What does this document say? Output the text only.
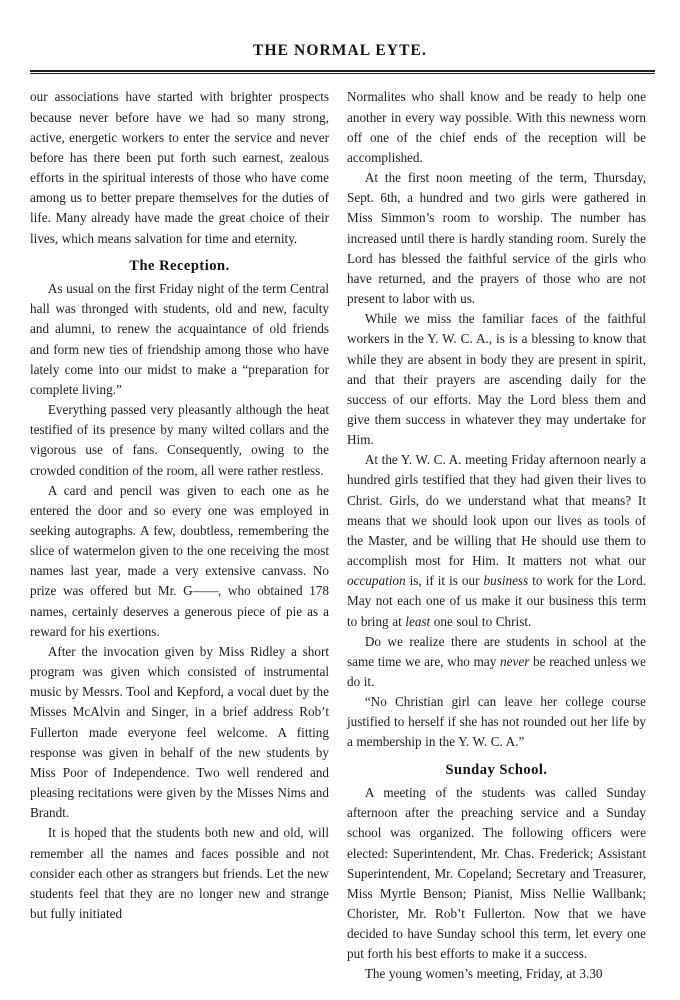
THE NORMAL EYTE.

our associations have started with brighter prospects because never before have we had so many strong, active, energetic workers to enter the service and never before has there been put forth such earnest, zealous efforts in the spiritual interests of those who have come among us to better prepare themselves for the duties of life. Many already have made the great choice of their lives, which means salvation for time and eternity.

The Reception.

As usual on the first Friday night of the term Central hall was thronged with students, old and new, faculty and alumni, to renew the acquaintance of old friends and form new ties of friendship among those who have lately come into our midst to make a “preparation for complete living.”

Everything passed very pleasantly although the heat testified of its presence by many wilted collars and the vigorous use of fans. Consequently, owing to the crowded condition of the room, all were rather restless.

A card and pencil was given to each one as he entered the door and so every one was employed in seeking autographs. A few, doubtless, remembering the slice of watermelon given to the one receiving the most names last year, made a very extensive canvass. No prize was offered but Mr. G——, who obtained 178 names, certainly deserves a generous piece of pie as a reward for his exertions.

After the invocation given by Miss Ridley a short program was given which consisted of instrumental music by Messrs. Tool and Kepford, a vocal duet by the Misses McAlvin and Singer, in a brief address Rob’t Fullerton made everyone feel welcome. A fitting response was given in behalf of the new students by Miss Poor of Independence. Two well rendered and pleasing recitations were given by the Misses Nims and Brandt.

It is hoped that the students both new and old, will remember all the names and faces possible and not consider each other as strangers but friends. Let the new students feel that they are no longer new and strange but fully initiated

Normalites who shall know and be ready to help one another in every way possible. With this newness worn off one of the chief ends of the reception will be accomplished.

At the first noon meeting of the term, Thursday, Sept. 6th, a hundred and two girls were gathered in Miss Simmon’s room to worship. The number has increased until there is hardly standing room. Surely the Lord has blessed the faithful service of the girls who have returned, and the prayers of those who are not present to labor with us.

While we miss the familiar faces of the faithful workers in the Y. W. C. A., is is a blessing to know that while they are absent in body they are present in spirit, and that their prayers are ascending daily for the success of our efforts. May the Lord bless them and give them success in whatever they may undertake for Him.

At the Y. W. C. A. meeting Friday afternoon nearly a hundred girls testified that they had given their lives to Christ. Girls, do we understand what that means? It means that we should look upon our lives as tools of the Master, and be willing that He should use them to accomplish most for Him. It matters not what our occupation is, if it is our business to work for the Lord. May not each one of us make it our business this term to bring at least one soul to Christ.

Do we realize there are students in school at the same time we are, who may never be reached unless we do it.

“No Christian girl can leave her college course justified to herself if she has not rounded out her life by a membership in the Y. W. C. A.”

Sunday School.

A meeting of the students was called Sunday afternoon after the preaching service and a Sunday school was organized. The following officers were elected: Superintendent, Mr. Chas. Frederick; Assistant Superintendent, Mr. Copeland; Secretary and Treasurer, Miss Myrtle Benson; Pianist, Miss Nellie Wallbank; Chorister, Mr. Rob’t Fullerton. Now that we have decided to have Sunday school this term, let every one put forth his best efforts to make it a success.

The young women’s meeting, Friday, at 3.30
